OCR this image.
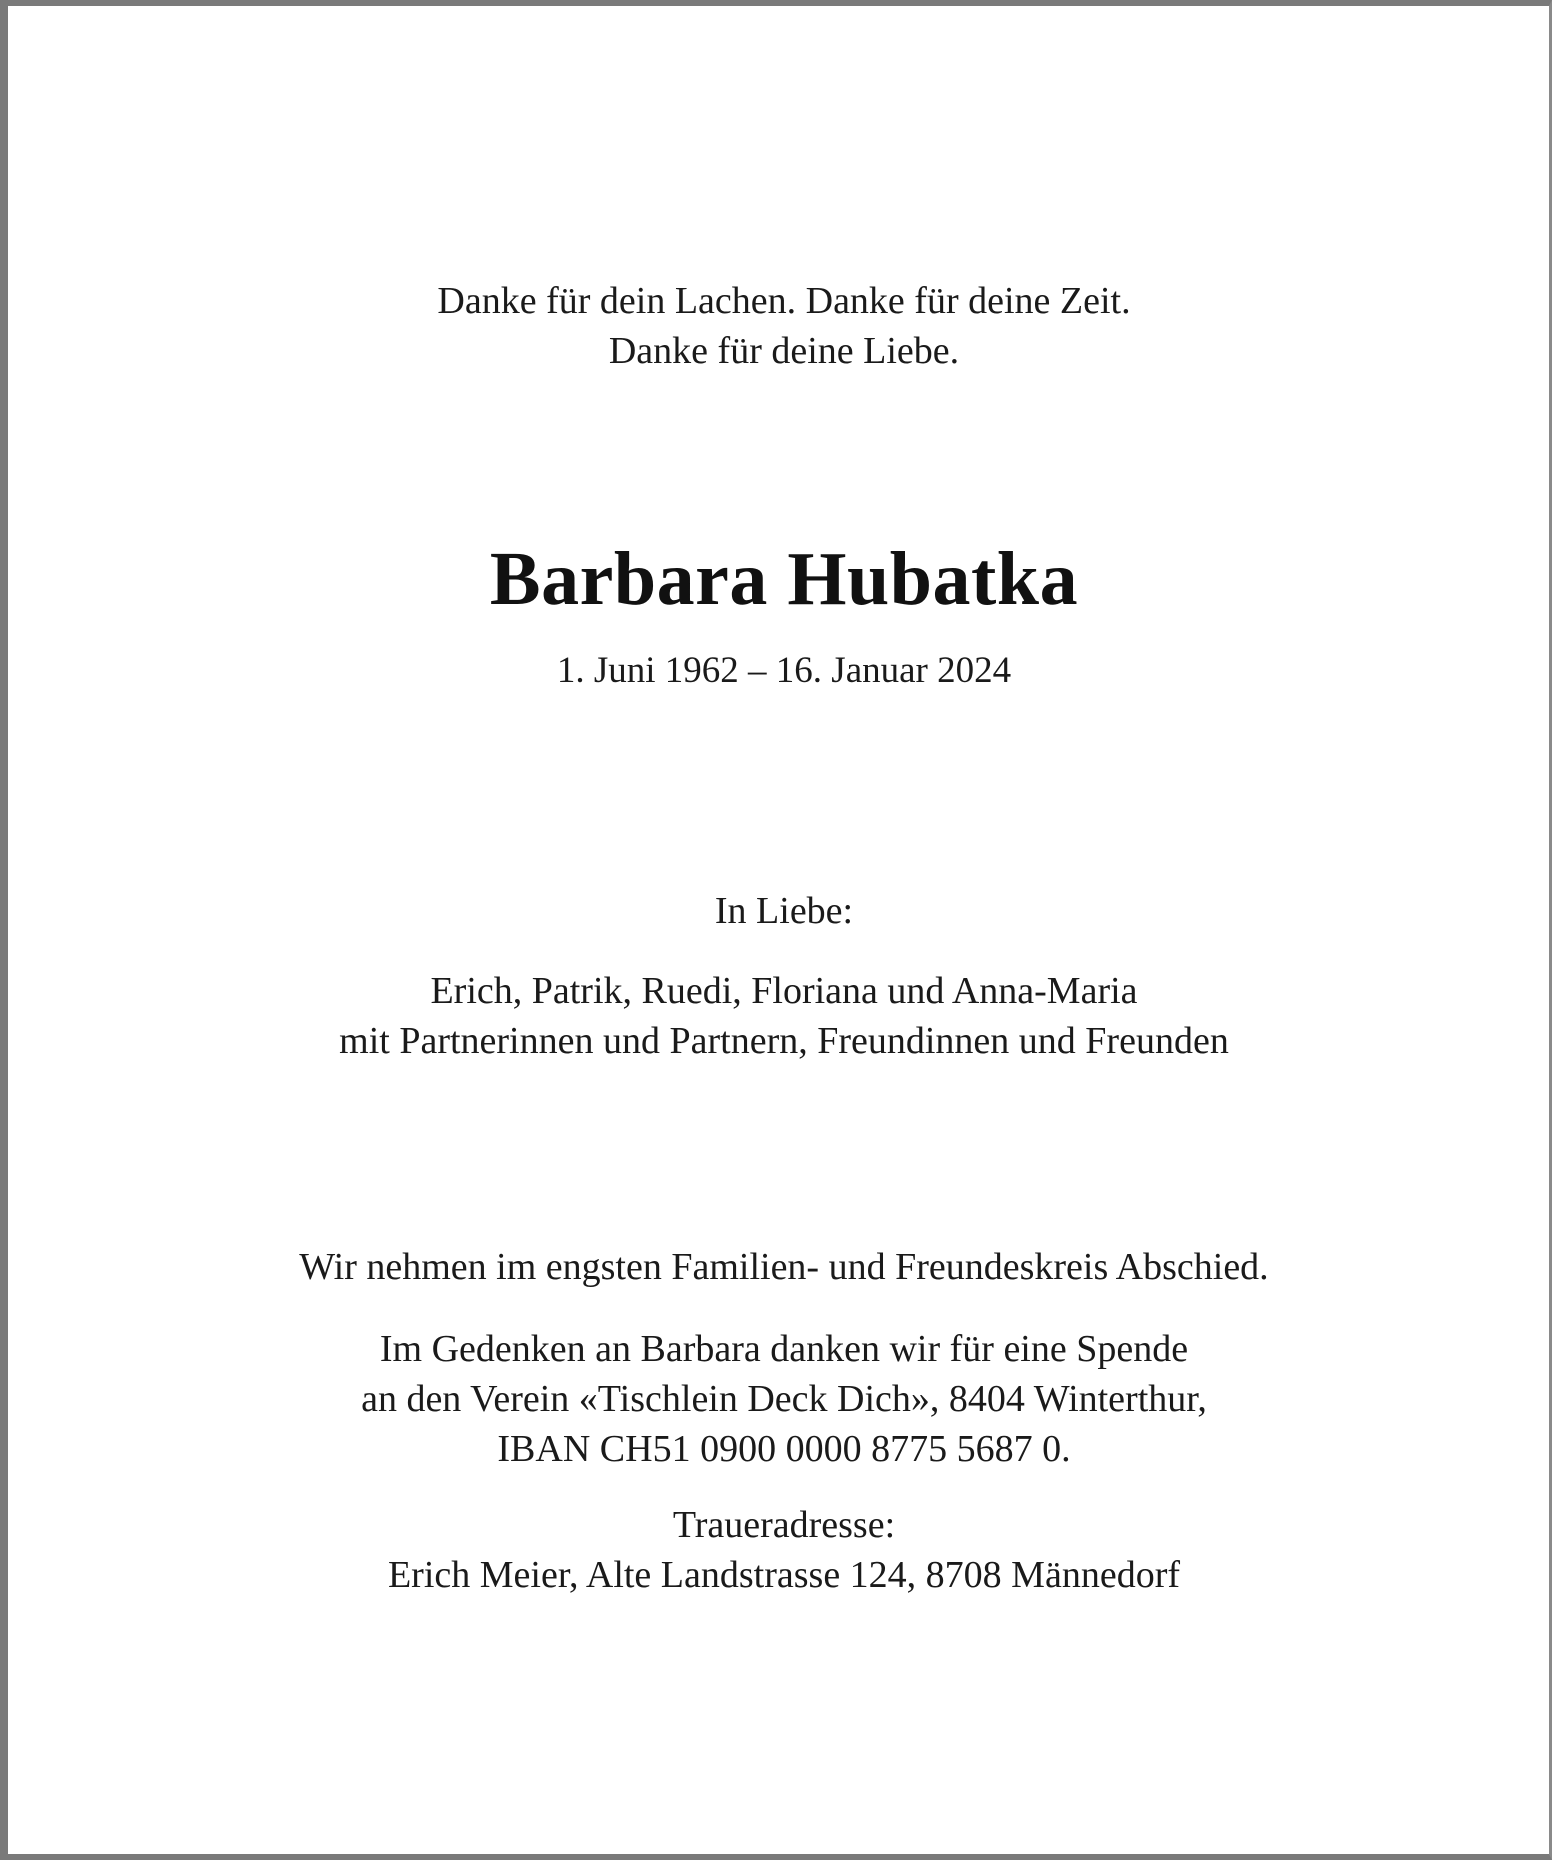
Danke für dein Lachen. Danke für deine Zeit.
Danke für deine Liebe.
Barbara Hubatka
1. Juni 1962 – 16. Januar 2024
In Liebe:
Erich, Patrik, Ruedi, Floriana und Anna-Maria
mit Partnerinnen und Partnern, Freundinnen und Freunden
Wir nehmen im engsten Familien- und Freundeskreis Abschied.
Im Gedenken an Barbara danken wir für eine Spende
an den Verein «Tischlein Deck Dich», 8404 Winterthur,
IBAN CH51 0900 0000 8775 5687 0.
Traueradresse:
Erich Meier, Alte Landstrasse 124, 8708 Männedorf
